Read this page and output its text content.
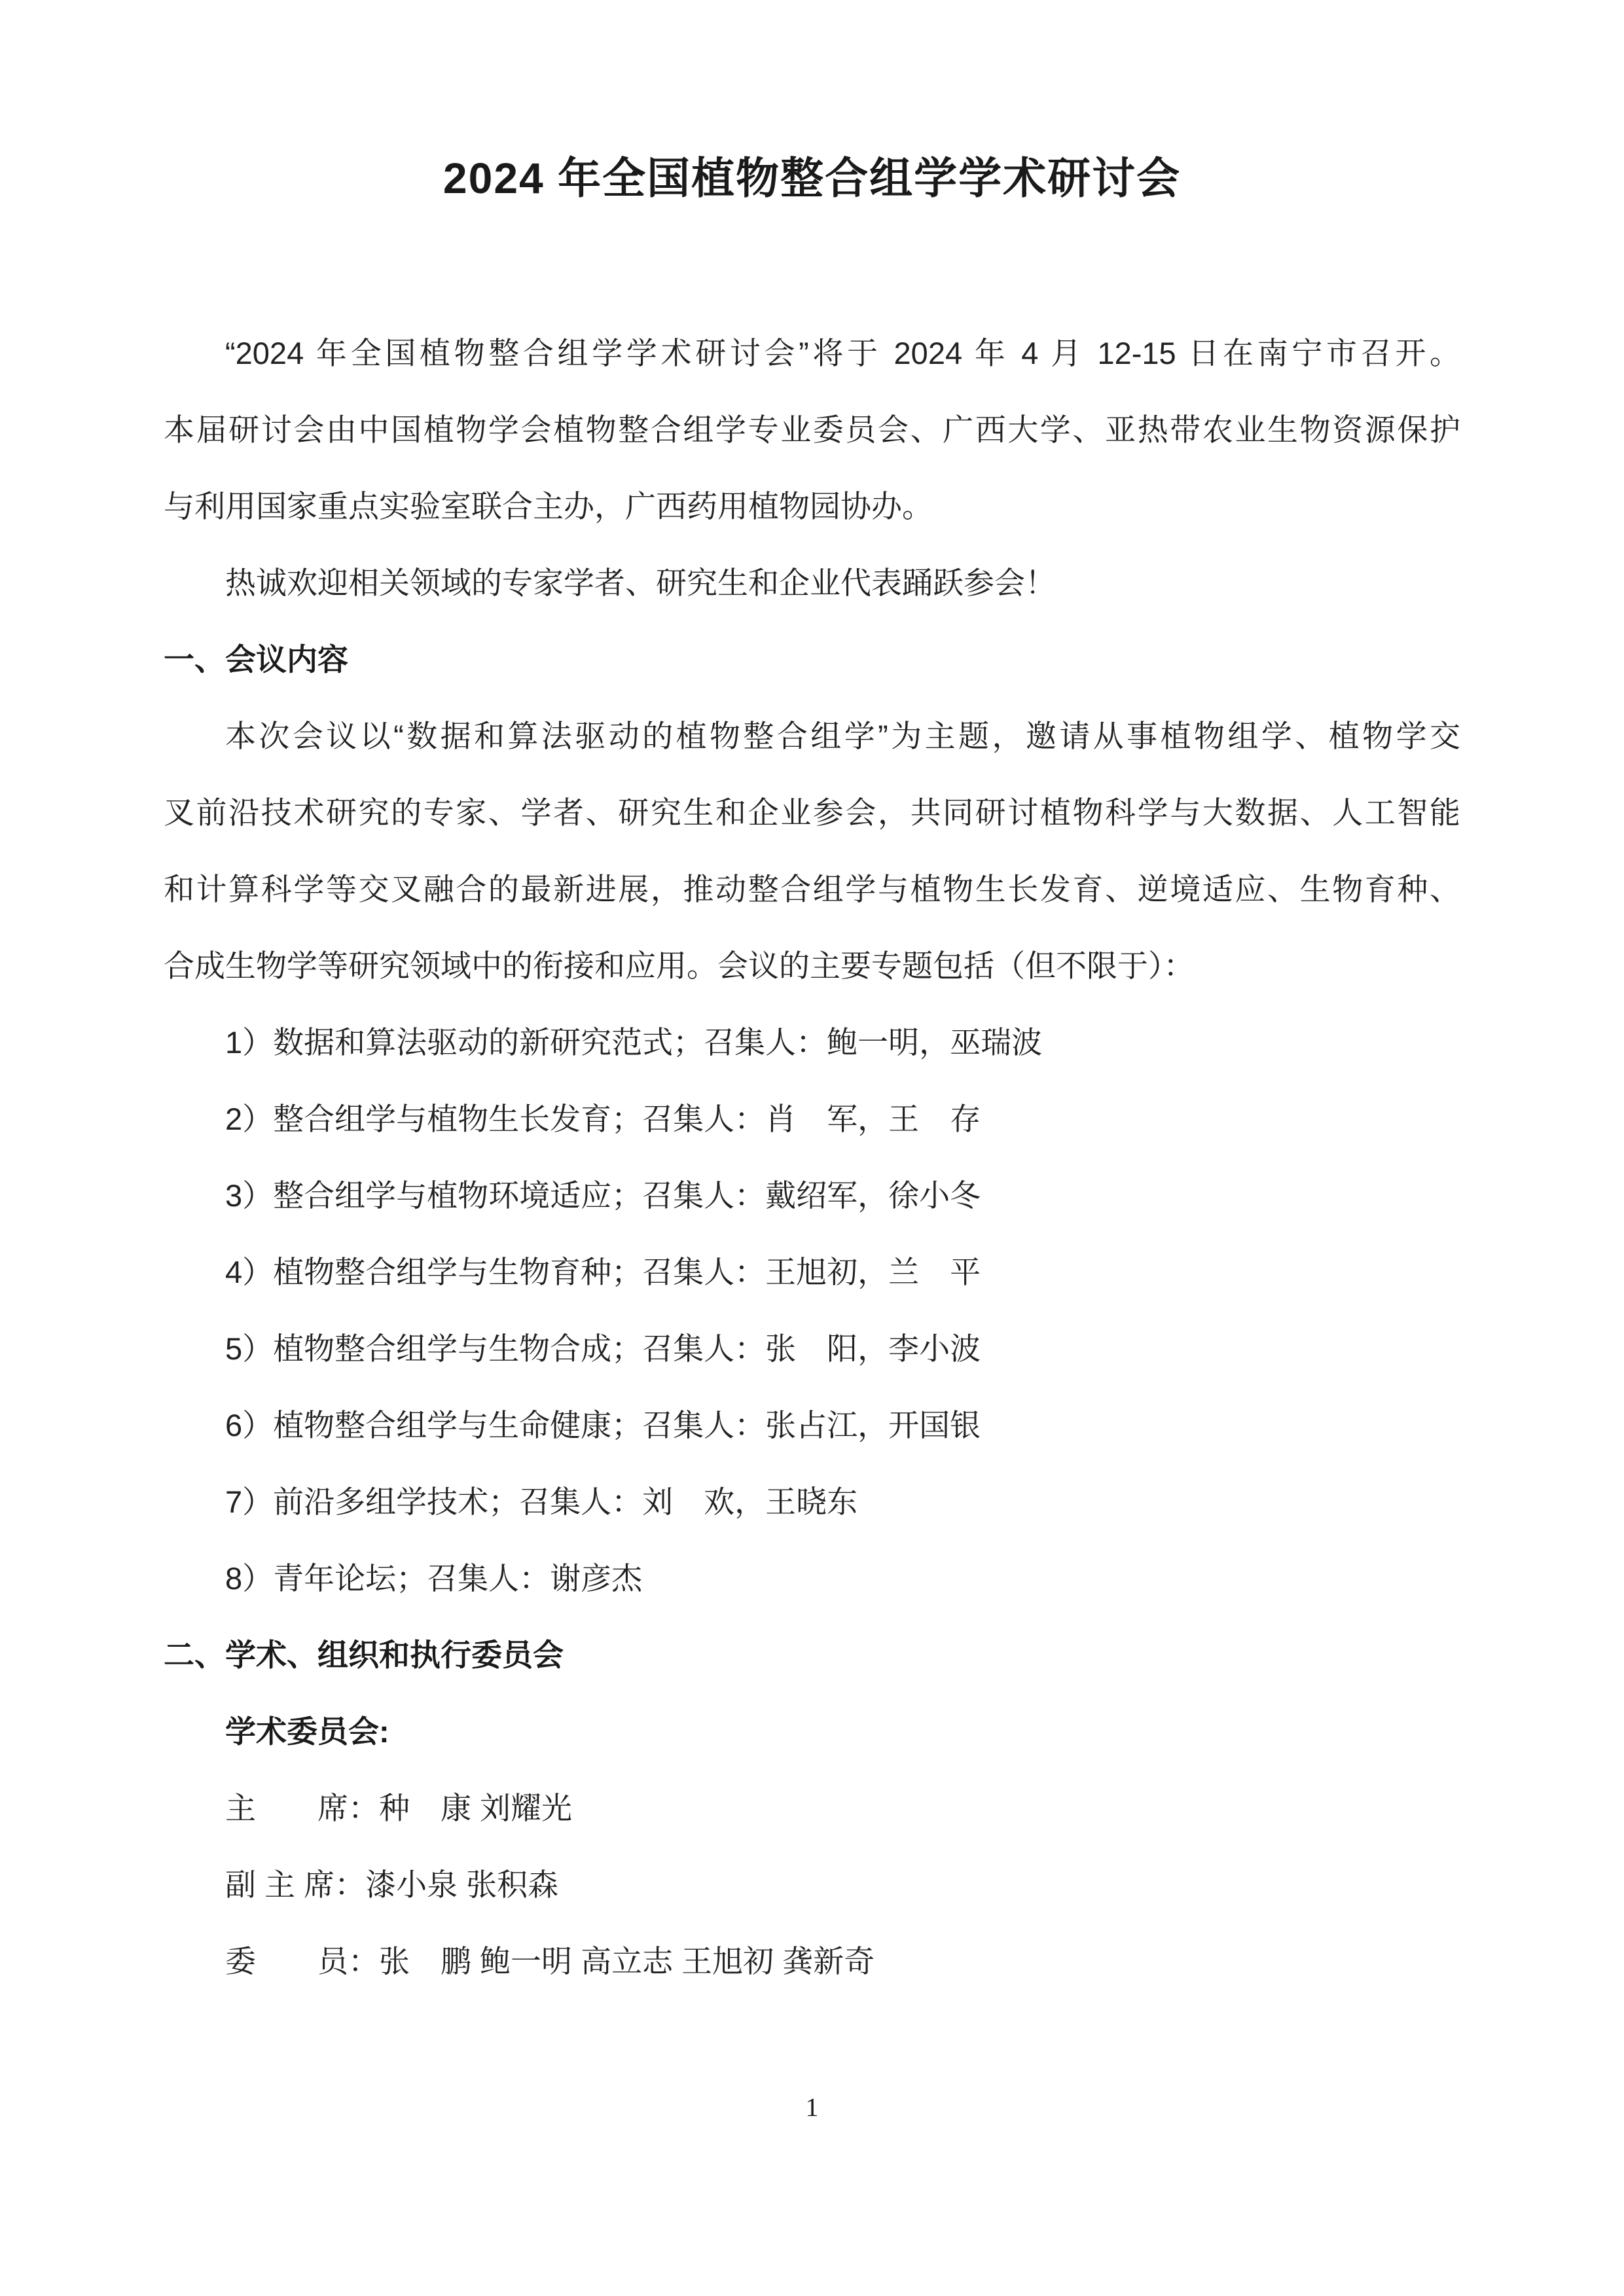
2024 年全国植物整合组学学术研讨会
“2024 年全国植物整合组学学术研讨会”将于 2024 年 4 月 12-15 日在南宁市召开。
本届研讨会由中国植物学会植物整合组学专业委员会、广西大学、亚热带农业生物资源保护
与利用国家重点实验室联合主办，广西药用植物园协办。
热诚欢迎相关领域的专家学者、研究生和企业代表踊跃参会！
一、会议内容
本次会议以“数据和算法驱动的植物整合组学”为主题，邀请从事植物组学、植物学交
叉前沿技术研究的专家、学者、研究生和企业参会，共同研讨植物科学与大数据、人工智能
和计算科学等交叉融合的最新进展，推动整合组学与植物生长发育、逆境适应、生物育种、
合成生物学等研究领域中的衔接和应用。会议的主要专题包括（但不限于）：
1）数据和算法驱动的新研究范式；召集人：鲍一明，巫瑞波
2）整合组学与植物生长发育；召集人：肖　军，王　存
3）整合组学与植物环境适应；召集人：戴绍军，徐小冬
4）植物整合组学与生物育种；召集人：王旭初，兰　平
5）植物整合组学与生物合成；召集人：张　阳，李小波
6）植物整合组学与生命健康；召集人：张占江，开国银
7）前沿多组学技术；召集人：刘　欢，王晓东
8）青年论坛；召集人：谢彦杰
二、学术、组织和执行委员会
学术委员会:
主　　席：种　康 刘耀光
副 主 席：漆小泉 张积森
委　　员：张　鹏 鲍一明 高立志 王旭初 龚新奇
1
